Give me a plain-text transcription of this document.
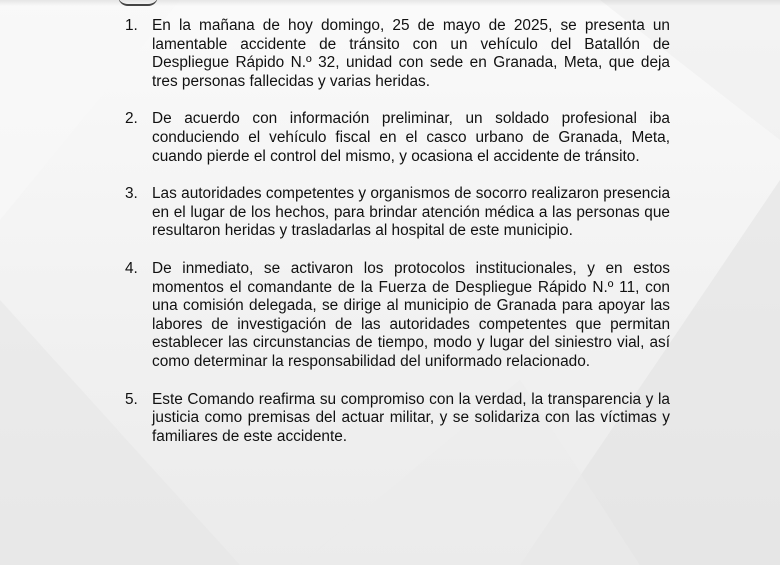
1. En la mañana de hoy domingo, 25 de mayo de 2025, se presenta un lamentable accidente de tránsito con un vehículo del Batallón de Despliegue Rápido N.º 32, unidad con sede en Granada, Meta, que deja tres personas fallecidas y varias heridas.
2. De acuerdo con información preliminar, un soldado profesional iba conduciendo el vehículo fiscal en el casco urbano de Granada, Meta, cuando pierde el control del mismo, y ocasiona el accidente de tránsito.
3. Las autoridades competentes y organismos de socorro realizaron presencia en el lugar de los hechos, para brindar atención médica a las personas que resultaron heridas y trasladarlas al hospital de este municipio.
4. De inmediato, se activaron los protocolos institucionales, y en estos momentos el comandante de la Fuerza de Despliegue Rápido N.º 11, con una comisión delegada, se dirige al municipio de Granada para apoyar las labores de investigación de las autoridades competentes que permitan establecer las circunstancias de tiempo, modo y lugar del siniestro vial, así como determinar la responsabilidad del uniformado relacionado.
5. Este Comando reafirma su compromiso con la verdad, la transparencia y la justicia como premisas del actuar militar, y se solidariza con las víctimas y familiares de este accidente.
